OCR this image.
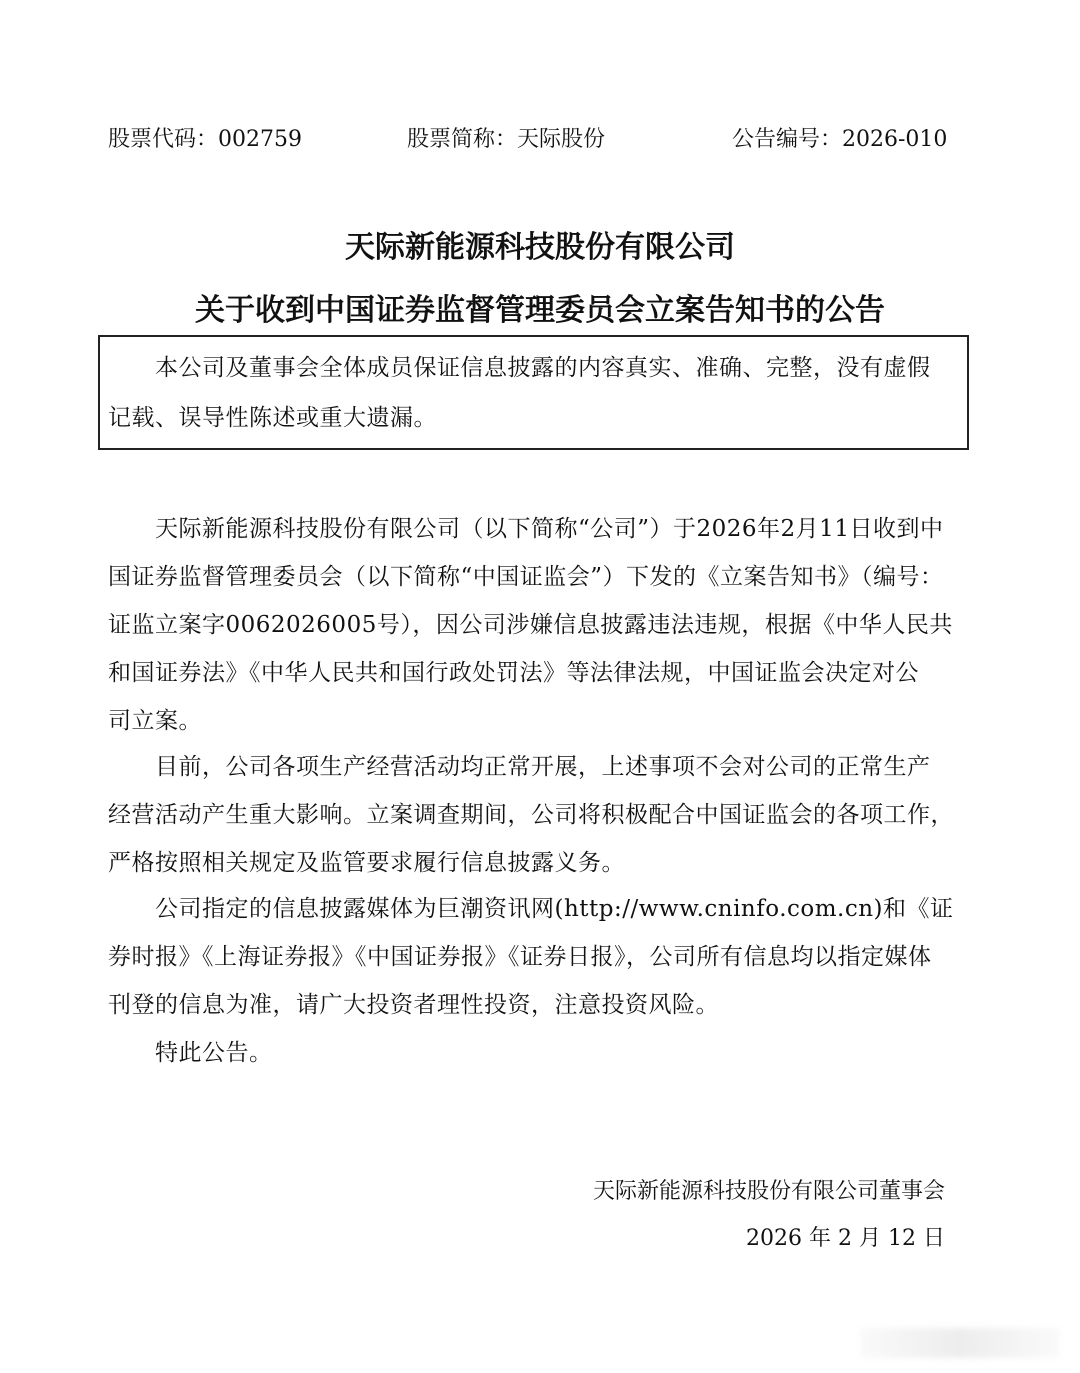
股票代码：002759	股票简称：天际股份	公告编号：2026-010
天际新能源科技股份有限公司
关于收到中国证券监督管理委员会立案告知书的公告
本公司及董事会全体成员保证信息披露的内容真实、准确、完整，没有虚假
记载、误导性陈述或重大遗漏。
天际新能源科技股份有限公司（以下简称“公司”）于2026年2月11日收到中
国证券监督管理委员会（以下简称“中国证监会”）下发的《立案告知书》（编号：
证监立案字0062026005号），因公司涉嫌信息披露违法违规，根据《中华人民共
和国证券法》《中华人民共和国行政处罚法》等法律法规，中国证监会决定对公
司立案。
目前，公司各项生产经营活动均正常开展，上述事项不会对公司的正常生产
经营活动产生重大影响。立案调查期间，公司将积极配合中国证监会的各项工作，
严格按照相关规定及监管要求履行信息披露义务。
公司指定的信息披露媒体为巨潮资讯网(http://www.cninfo.com.cn)和《证
券时报》《上海证券报》《中国证券报》《证券日报》，公司所有信息均以指定媒体
刊登的信息为准，请广大投资者理性投资，注意投资风险。
特此公告。
天际新能源科技股份有限公司董事会
2026 年 2 月 12 日
